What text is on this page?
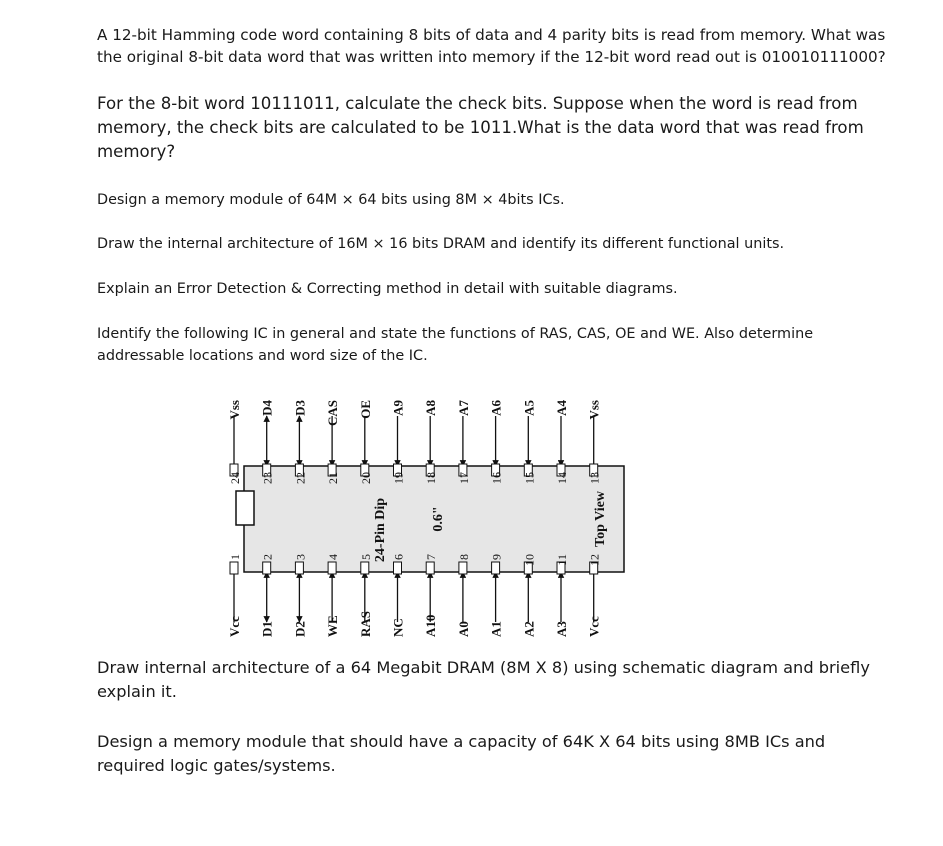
A 12-bit Hamming code word containing 8 bits of data and 4 parity bits is read from memory. What was the original 8-bit data word that was written into memory if the 12-bit word read out is 010010111000?

For the 8-bit word 10111011, calculate the check bits. Suppose when the word is read from memory, the check bits are calculated to be 1011.What is the data word that was read from memory?

Design a memory module of 64M × 64 bits using 8M × 4bits ICs.

Draw the internal architecture of 16M × 16 bits DRAM and identify its different functional units.

Explain an Error Detection & Correcting method in detail with suitable diagrams.

Identify the following IC in general and state the functions of RAS, CAS, OE and WE. Also determine addressable locations and word size of the IC.

Vcc
1
D1
2
D2
3
WE
4
RAS
5
NC
6
A10
7
A0
8
A1
9
A2
10
A3
11
Vcc
12
Vss
24
D4
23
D3
22
CAS
21
OE
20
A9
19
A8
18
A7
17
A6
16
A5
15
A4
14
Vss
13
24-Pin Dip	0.6"	Top View

Draw internal architecture of a 64 Megabit DRAM (8M X 8) using schematic diagram and briefly explain it.

Design a memory module that should have a capacity of 64K X 64 bits using 8MB ICs and required logic gates/systems.
